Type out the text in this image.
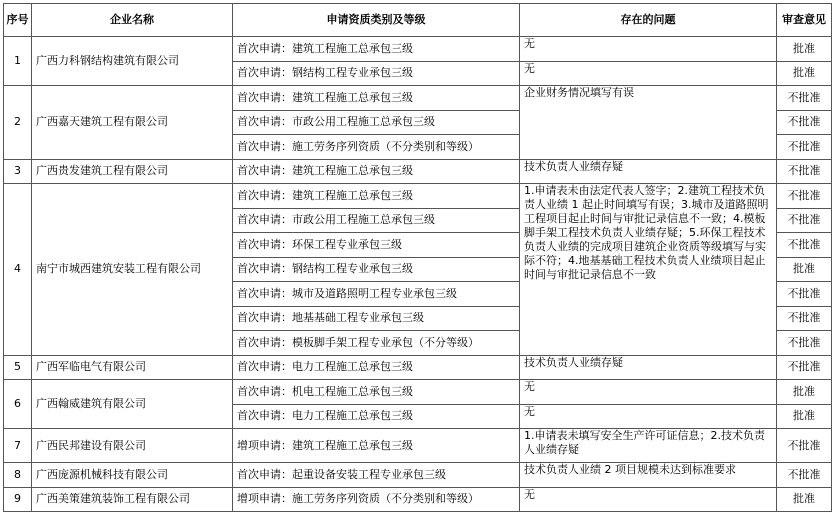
序号	企业名称	申请资质类别及等级	存在的问题	审查意见
1	广西力科钢结构建筑有限公司	首次申请：建筑工程施工总承包三级	无	批准
		首次申请：钢结构工程专业承包三级	无	批准
2	广西嘉天建筑工程有限公司	首次申请：建筑工程施工总承包三级	企业财务情况填写有误	不批准
		首次申请：市政公用工程施工总承包三级		不批准
		首次申请：施工劳务序列资质（不分类别和等级）		不批准
3	广西贵发建筑工程有限公司	首次申请：建筑工程施工总承包三级	技术负责人业绩存疑	不批准
4	南宁市城西建筑安装工程有限公司	首次申请：建筑工程施工总承包三级	1.申请表未由法定代表人签字；2.建筑工程技术负责人业绩 1 起止时间填写有误；3.城市及道路照明工程项目起止时间与审批记录信息不一致；4.模板脚手架工程技术负责人业绩存疑；5.环保工程技术负责人业绩的完成项目建筑企业资质等级填写与实际不符；4.地基基础工程技术负责人业绩项目起止时间与审批记录信息不一致	不批准
		首次申请：市政公用工程施工总承包三级		不批准
		首次申请：环保工程专业承包三级		不批准
		首次申请：钢结构工程专业承包三级		批准
		首次申请：城市及道路照明工程专业承包三级		不批准
		首次申请：地基基础工程专业承包三级		不批准
		首次申请：模板脚手架工程专业承包（不分等级）		不批准
5	广西军临电气有限公司	首次申请：电力工程施工总承包三级	技术负责人业绩存疑	不批准
6	广西翰威建筑有限公司	首次申请：机电工程施工总承包三级	无	批准
		首次申请：电力工程施工总承包三级	无	批准
7	广西民邦建设有限公司	增项申请：建筑工程施工总承包三级	1.申请表未填写安全生产许可证信息；2.技术负责人业绩存疑	不批准
8	广西庞源机械科技有限公司	首次申请：起重设备安装工程专业承包三级	技术负责人业绩 2 项目规模未达到标准要求	不批准
9	广西美策建筑装饰工程有限公司	增项申请：施工劳务序列资质（不分类别和等级）	无	批准
